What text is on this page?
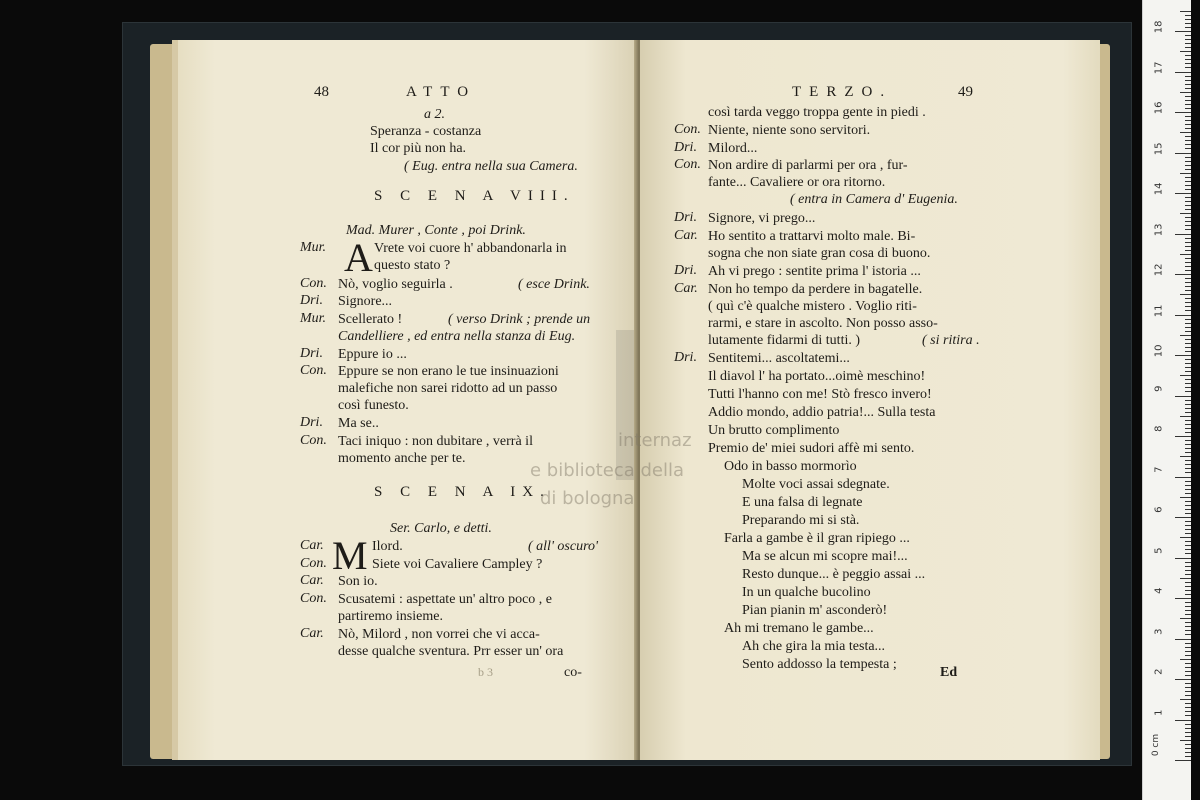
48	ATTO
a 2.
Speranza - costanza
Il cor più non ha.
( Eug. entra nella sua Camera.
S C E N A VIII.
Mad. Murer , Conte , poi Drink.
Mur. A Vrete voi cuore h' abbandonarla in
questo stato ?
Con. Nò, voglio seguirla .	( esce Drink.
Dri. Signore...
Mur. Scellerato !	( verso Drink ; prende un
Candelliere , ed entra nella stanza di Eug.
Dri. Eppure io ...
Con. Eppure se non erano le tue insinuazioni
malefiche non sarei ridotto ad un passo
così funesto.
Dri. Ma se..
Con. Taci iniquo : non dubitare , verrà il
momento anche per te.
S C E N A IX.
Ser. Carlo, e detti.
Car. M Ilord.	( all' oscuro'
Con.	Siete voi Cavaliere Campley ?
Car. Son io.
Con. Scusatemi : aspettate un' altro poco , e
partiremo insieme.
Car. Nò, Milord , non vorrei che vi acca-
desse qualche sventura. Prr esser un' ora
b 3	co-
TERZO.	49
così tarda veggo troppa gente in piedi .
Con. Niente, niente sono servitori.
Dri. Milord...
Con. Non ardire di parlarmi per ora , fur-
fante... Cavaliere or ora ritorno.
( entra in Camera d' Eugenia.
Dri. Signore, vi prego...
Car. Ho sentito a trattarvi molto male. Bi-
sogna che non siate gran cosa di buono.
Dri. Ah vi prego : sentite prima l' istoria ...
Car. Non ho tempo da perdere in bagatelle.
( quì c'è qualche mistero . Voglio riti-
rarmi, e stare in ascolto. Non posso asso-
lutamente fidarmi di tutti. )	( si ritira .
Dri. Sentitemi... ascoltatemi...
Il diavol l' ha portato...oimè meschino!
Tutti l'hanno con me! Stò fresco invero!
Addio mondo, addio patria!... Sulla testa
Un brutto complimento
Premio de' miei sudori affè mi sento.
Odo in basso mormorìo
Molte voci assai sdegnate.
E una falsa di legnate
Preparando mi si stà.
Farla a gambe è il gran ripiego ...
Ma se alcun mi scopre mai!...
Resto dunque... è peggio assai ...
In un qualche bucolino
Pian pianin m' asconderò!
Ah mi tremano le gambe...
Ah che gira la mia testa...
Sento addosso la tempesta ;
Ed
internaz
e biblioteca della
di bologna
0 cm
1
2
3
4
5
6
7
8
9
10
11
12
13
14
15
16
17
18
